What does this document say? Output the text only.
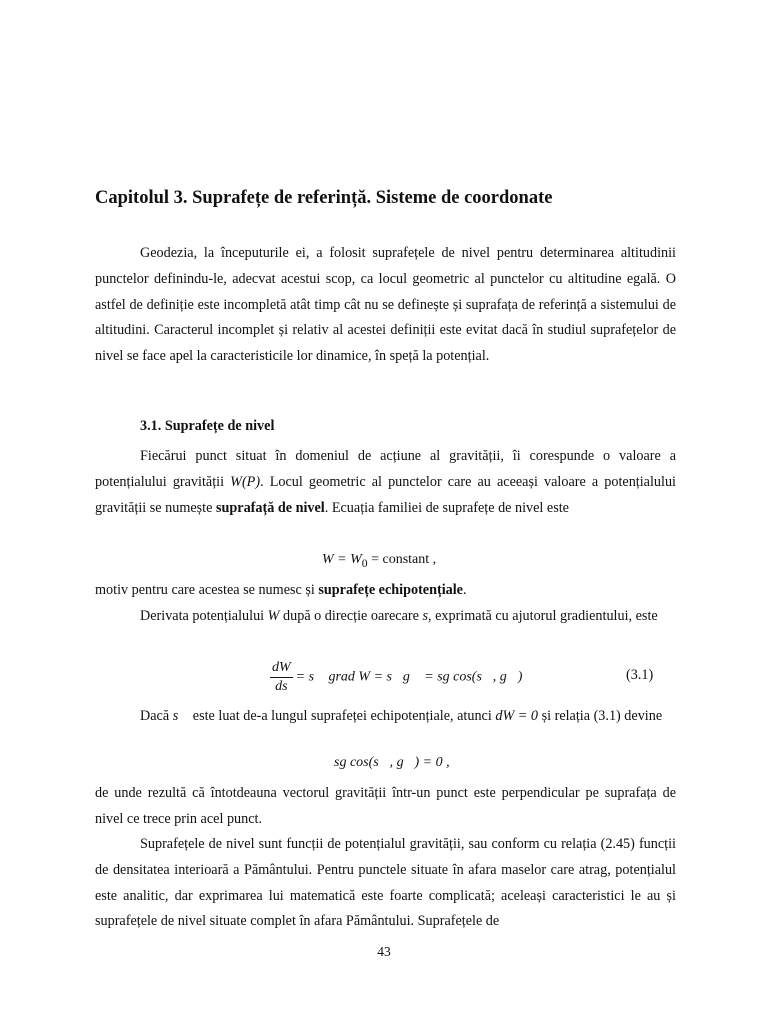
Capitolul 3. Suprafețe de referință. Sisteme de coordonate

Geodezia, la începuturile ei, a folosit suprafețele de nivel pentru determinarea altitudinii punctelor definindu-le, adecvat acestui scop, ca locul geometric al punctelor cu altitudine egală. O astfel de definiție este incompletă atât timp cât nu se definește și suprafața de referință a sistemului de altitudini. Caracterul incomplet și relativ al acestei definiții este evitat dacă în studiul suprafețelor de nivel se face apel la caracteristicile lor dinamice, în speță la potențial.

3.1. Suprafețe de nivel

Fiecărui punct situat în domeniul de acțiune al gravității, îi corespunde o valoare a potențialului gravității W(P). Locul geometric al punctelor care au aceeași valoare a potențialului gravității se numește suprafață de nivel. Ecuația familiei de suprafețe de nivel este

$W = W_0$ = constant ,

motiv pentru care acestea se numesc și suprafețe echipotențiale.

Derivata potențialului W după o direcție oarecare s, exprimată cu ajutorul gradientului, este

$\frac{dW}{ds}$ = s⃗ grad W = s⃗g⃗ = sg cos(s⃗, g⃗)	(3.1)

Dacă s⃗ este luat de-a lungul suprafeței echipotențiale, atunci dW = 0 și relația (3.1) devine

sg cos(s⃗, g⃗) = 0 ,

de unde rezultă că întotdeauna vectorul gravității într-un punct este perpendicular pe suprafața de nivel ce trece prin acel punct.

Suprafețele de nivel sunt funcții de potențialul gravității, sau conform cu relația (2.45) funcții de densitatea interioară a Pământului. Pentru punctele situate în afara maselor care atrag, potențialul este analitic, dar exprimarea lui matematică este foarte complicată; aceleași caracteristici le au și suprafețele de nivel situate complet în afara Pământului. Suprafețele de

43
